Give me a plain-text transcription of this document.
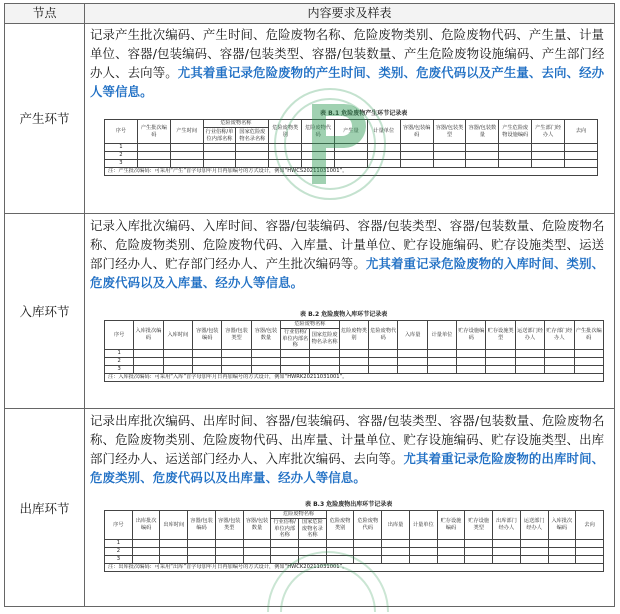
节点	内容要求及样表
产生环节
记录产生批次编码、产生时间、危险废物名称、危险废物类别、危险废物代码、产生量、计量单位、容器/包装编码、容器/包装类型、容器/包装数量、产生危险废物设施编码、产生部门经办人、去向等。尤其着重记录危险废物的产生时间、类别、危废代码以及产生量、去向、经办人等信息。
表 B.1 危险废物产生环节记录表
序号	产生批次编码	产生时间	危险废物名称		危险废物类别	危险废物代码	产生量	计量单位	容器/包装编码	容器/包装类型	容器/包装数量	产生危险废物设施编码	产生部门经办人	去向
			行业俗称/单位内部名称	国家危险废物名录名称										
1														
2														
3														
注：产生批次编码：可采用“产生”首字母加年月日再加编号的方式设计，例如“HWCS20211031001”。														
入库环节
记录入库批次编码、入库时间、容器/包装编码、容器/包装类型、容器/包装数量、危险废物名称、危险废物类别、危险废物代码、入库量、计量单位、贮存设施编码、贮存设施类型、运送部门经办人、贮存部门经办人、产生批次编码等。尤其着重记录危险废物的入库时间、类别、危废代码以及入库量、经办人等信息。
表 B.2 危险废物入库环节记录表
序号	入库批次编码	入库时间	容器/包装编码	容器/包装类型	容器/包装数量	危险废物名称		危险废物类别	危险废物代码	入库量	计量单位	贮存设施编码	贮存设施类型	运送部门经办人	贮存部门经办人	产生批次编码
						行业俗称/单位内部名称	国家危险废物名录名称									
1																
2																
3																
注：入库批次编码：可采用“入库”首字母加年月日再加编号的方式设计，例如“HWRK20211031001”。																
出库环节
记录出库批次编码、出库时间、容器/包装编码、容器/包装类型、容器/包装数量、危险废物名称、危险废物类别、危险废物代码、出库量、计量单位、贮存设施编码、贮存设施类型、出库部门经办人、运送部门经办人、入库批次编码、去向等。尤其着重记录危险废物的出库时间、危废类别、危废代码以及出库量、经办人等信息。
表 B.3 危险废物出库环节记录表
序号	出库批次编码	出库时间	容器/包装编码	容器/包装类型	容器/包装数量	危险废物名称		危险废物类别	危险废物代码	出库量	计量单位	贮存设施编码	贮存设施类型	出库部门经办人	运送部门经办人	入库批次编码	去向
						行业俗称/单位内部名称	国家危险废物名录名称										
1																	
2																	
3																	
注：出库批次编码：可采用“出库”首字母加年月日再加编号的方式设计，例如“HWCK20211031001”。																	
